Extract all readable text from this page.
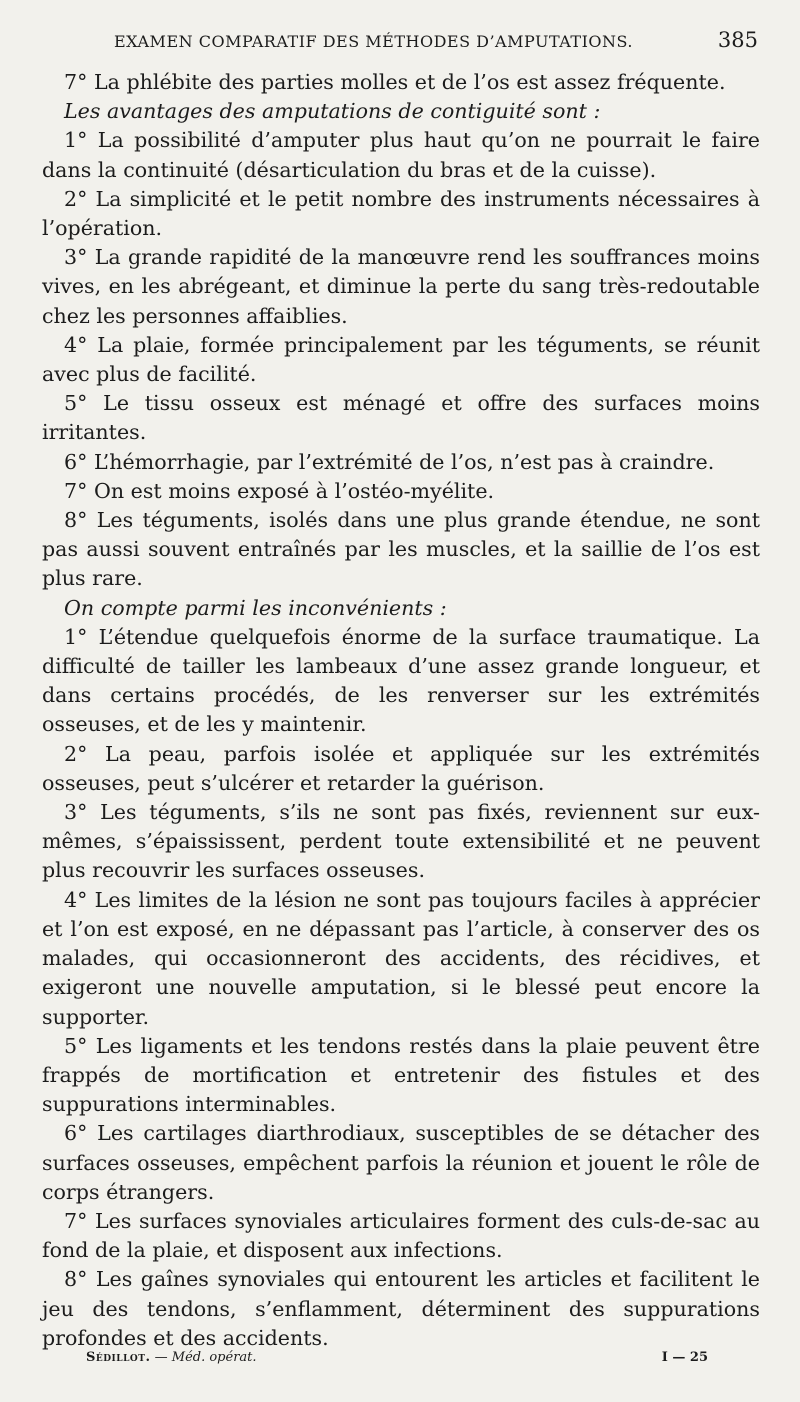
EXAMEN COMPARATIF DES MÉTHODES D’AMPUTATIONS.	385

7° La phlébite des parties molles et de l’os est assez fréquente.

Les avantages des amputations de contiguité sont :

1° La possibilité d’amputer plus haut qu’on ne pourrait le faire dans la continuité (désarticulation du bras et de la cuisse).

2° La simplicité et le petit nombre des instruments nécessaires à l’opération.

3° La grande rapidité de la manœuvre rend les souffrances moins vives, en les abrégeant, et diminue la perte du sang très-redoutable chez les personnes affaiblies.

4° La plaie, formée principalement par les téguments, se réunit avec plus de facilité.

5° Le tissu osseux est ménagé et offre des surfaces moins irritantes.

6° L’hémorrhagie, par l’extrémité de l’os, n’est pas à craindre.

7° On est moins exposé à l’ostéo-myélite.

8° Les téguments, isolés dans une plus grande étendue, ne sont pas aussi souvent entraînés par les muscles, et la saillie de l’os est plus rare.

On compte parmi les inconvénients :

1° L’étendue quelquefois énorme de la surface traumatique. La difficulté de tailler les lambeaux d’une assez grande longueur, et dans certains procédés, de les renverser sur les extrémités osseuses, et de les y maintenir.

2° La peau, parfois isolée et appliquée sur les extrémités osseuses, peut s’ulcérer et retarder la guérison.

3° Les téguments, s’ils ne sont pas fixés, reviennent sur eux-mêmes, s’épaississent, perdent toute extensibilité et ne peuvent plus recouvrir les surfaces osseuses.

4° Les limites de la lésion ne sont pas toujours faciles à apprécier et l’on est exposé, en ne dépassant pas l’article, à conserver des os malades, qui occasionneront des accidents, des récidives, et exigeront une nouvelle amputation, si le blessé peut encore la supporter.

5° Les ligaments et les tendons restés dans la plaie peuvent être frappés de mortification et entretenir des fistules et des suppurations interminables.

6° Les cartilages diarthrodiaux, susceptibles de se détacher des surfaces osseuses, empêchent parfois la réunion et jouent le rôle de corps étrangers.

7° Les surfaces synoviales articulaires forment des culs-de-sac au fond de la plaie, et disposent aux infections.

8° Les gaînes synoviales qui entourent les articles et facilitent le jeu des tendons, s’enflamment, déterminent des suppurations profondes et des accidents.

Sédillot. — Méd. opérat.	I — 25
